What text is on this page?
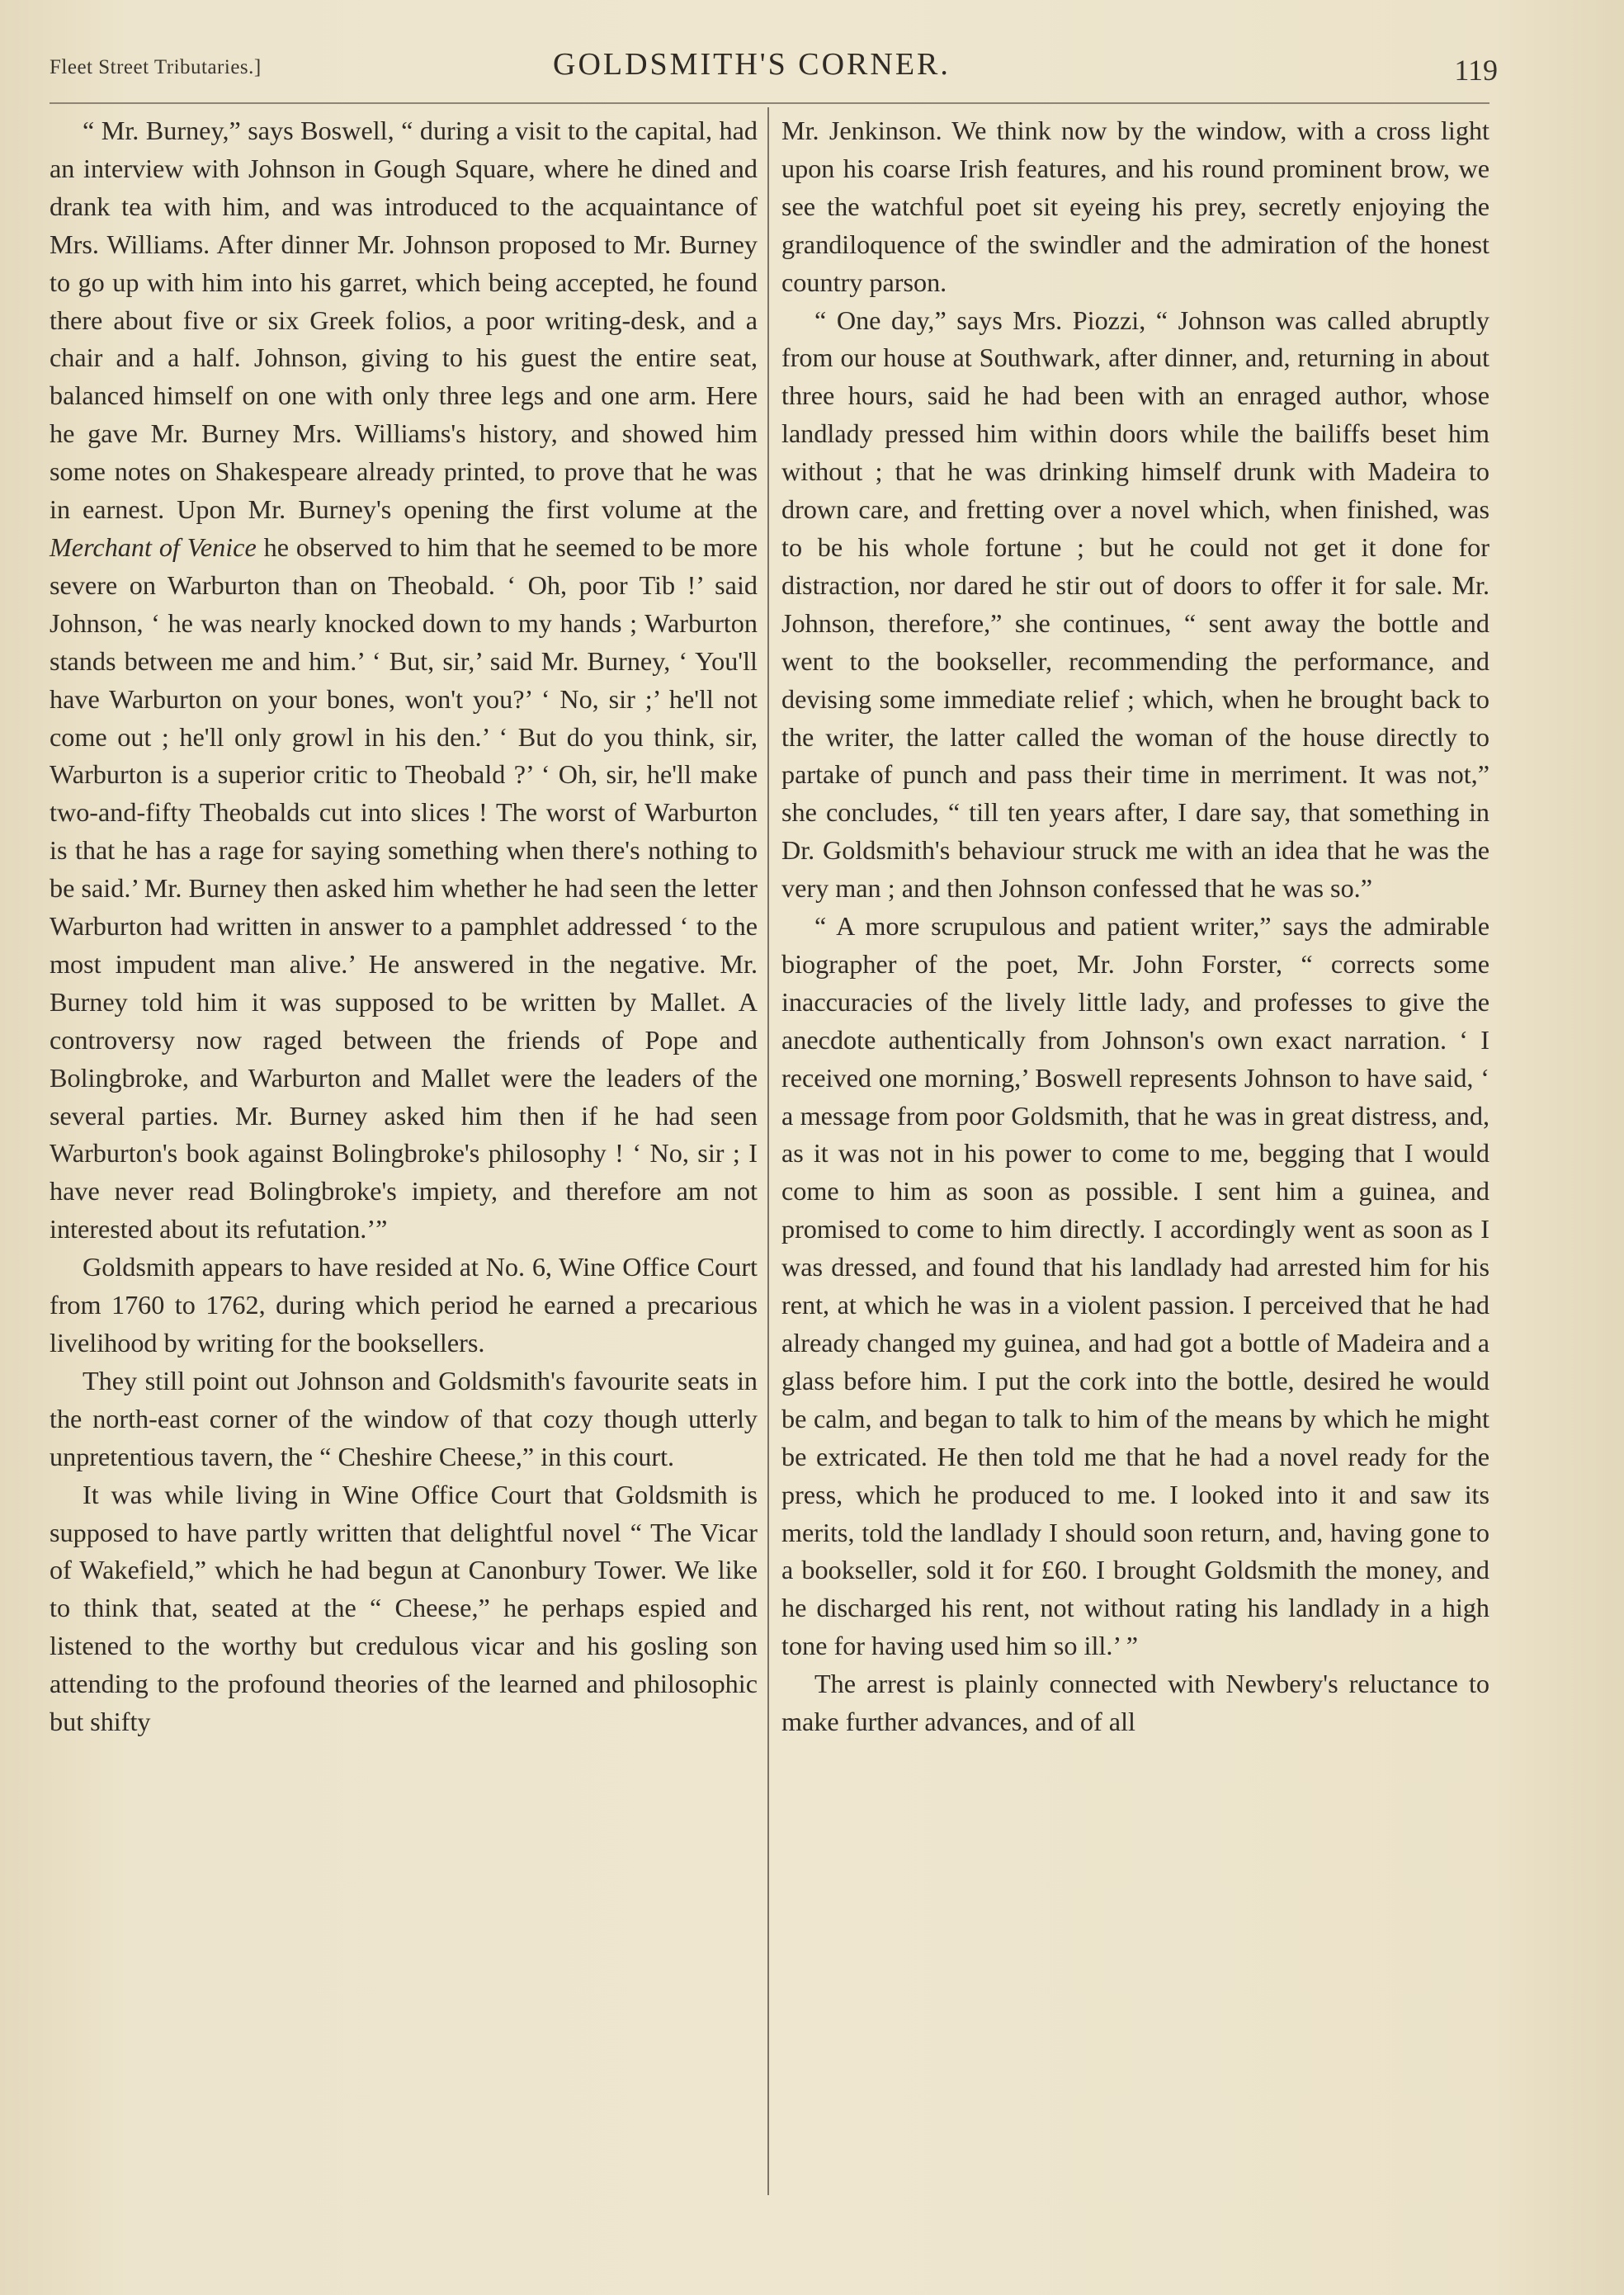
Fleet Street Tributaries.]	GOLDSMITH'S CORNER.	119

“ Mr. Burney,” says Boswell, “ during a visit to the capital, had an interview with Johnson in Gough Square, where he dined and drank tea with him, and was introduced to the acquaintance of Mrs. Williams. After dinner Mr. Johnson proposed to Mr. Burney to go up with him into his garret, which being accepted, he found there about five or six Greek folios, a poor writing-desk, and a chair and a half. Johnson, giving to his guest the entire seat, balanced himself on one with only three legs and one arm. Here he gave Mr. Burney Mrs. Williams's history, and showed him some notes on Shakespeare already printed, to prove that he was in earnest. Upon Mr. Burney's opening the first volume at the Merchant of Venice he observed to him that he seemed to be more severe on Warburton than on Theobald. ‘ Oh, poor Tib !’ said Johnson, ‘ he was nearly knocked down to my hands ; Warburton stands between me and him.’ ‘ But, sir,’ said Mr. Burney, ‘ You'll have Warburton on your bones, won't you?’ ‘ No, sir ;’ he'll not come out ; he'll only growl in his den.’ ‘ But do you think, sir, Warburton is a superior critic to Theobald ?’ ‘ Oh, sir, he'll make two-and-fifty Theobalds cut into slices ! The worst of Warburton is that he has a rage for saying something when there's nothing to be said.’ Mr. Burney then asked him whether he had seen the letter Warburton had written in answer to a pamphlet addressed ‘ to the most impudent man alive.’ He answered in the negative. Mr. Burney told him it was supposed to be written by Mallet. A controversy now raged between the friends of Pope and Bolingbroke, and Warburton and Mallet were the leaders of the several parties. Mr. Burney asked him then if he had seen Warburton's book against Bolingbroke's philosophy ! ‘ No, sir ; I have never read Bolingbroke's impiety, and therefore am not interested about its refutation.’”

Goldsmith appears to have resided at No. 6, Wine Office Court from 1760 to 1762, during which period he earned a precarious livelihood by writing for the booksellers.

They still point out Johnson and Goldsmith's favourite seats in the north-east corner of the window of that cozy though utterly unpretentious tavern, the “ Cheshire Cheese,” in this court.

It was while living in Wine Office Court that Goldsmith is supposed to have partly written that delightful novel “ The Vicar of Wakefield,” which he had begun at Canonbury Tower. We like to think that, seated at the “ Cheese,” he perhaps espied and listened to the worthy but credulous vicar and his gosling son attending to the profound theories of the learned and philosophic but shifty

Mr. Jenkinson. We think now by the window, with a cross light upon his coarse Irish features, and his round prominent brow, we see the watchful poet sit eyeing his prey, secretly enjoying the grandiloquence of the swindler and the admiration of the honest country parson.

“ One day,” says Mrs. Piozzi, “ Johnson was called abruptly from our house at Southwark, after dinner, and, returning in about three hours, said he had been with an enraged author, whose landlady pressed him within doors while the bailiffs beset him without ; that he was drinking himself drunk with Madeira to drown care, and fretting over a novel which, when finished, was to be his whole fortune ; but he could not get it done for distraction, nor dared he stir out of doors to offer it for sale. Mr. Johnson, therefore,” she continues, “ sent away the bottle and went to the bookseller, recommending the performance, and devising some immediate relief ; which, when he brought back to the writer, the latter called the woman of the house directly to partake of punch and pass their time in merriment. It was not,” she concludes, “ till ten years after, I dare say, that something in Dr. Goldsmith's behaviour struck me with an idea that he was the very man ; and then Johnson confessed that he was so.”

“ A more scrupulous and patient writer,” says the admirable biographer of the poet, Mr. John Forster, “ corrects some inaccuracies of the lively little lady, and professes to give the anecdote authentically from Johnson's own exact narration. ‘ I received one morning,’ Boswell represents Johnson to have said, ‘ a message from poor Goldsmith, that he was in great distress, and, as it was not in his power to come to me, begging that I would come to him as soon as possible. I sent him a guinea, and promised to come to him directly. I accordingly went as soon as I was dressed, and found that his landlady had arrested him for his rent, at which he was in a violent passion. I perceived that he had already changed my guinea, and had got a bottle of Madeira and a glass before him. I put the cork into the bottle, desired he would be calm, and began to talk to him of the means by which he might be extricated. He then told me that he had a novel ready for the press, which he produced to me. I looked into it and saw its merits, told the landlady I should soon return, and, having gone to a bookseller, sold it for £60. I brought Goldsmith the money, and he discharged his rent, not without rating his landlady in a high tone for having used him so ill.’ ”

The arrest is plainly connected with Newbery's reluctance to make further advances, and of all
